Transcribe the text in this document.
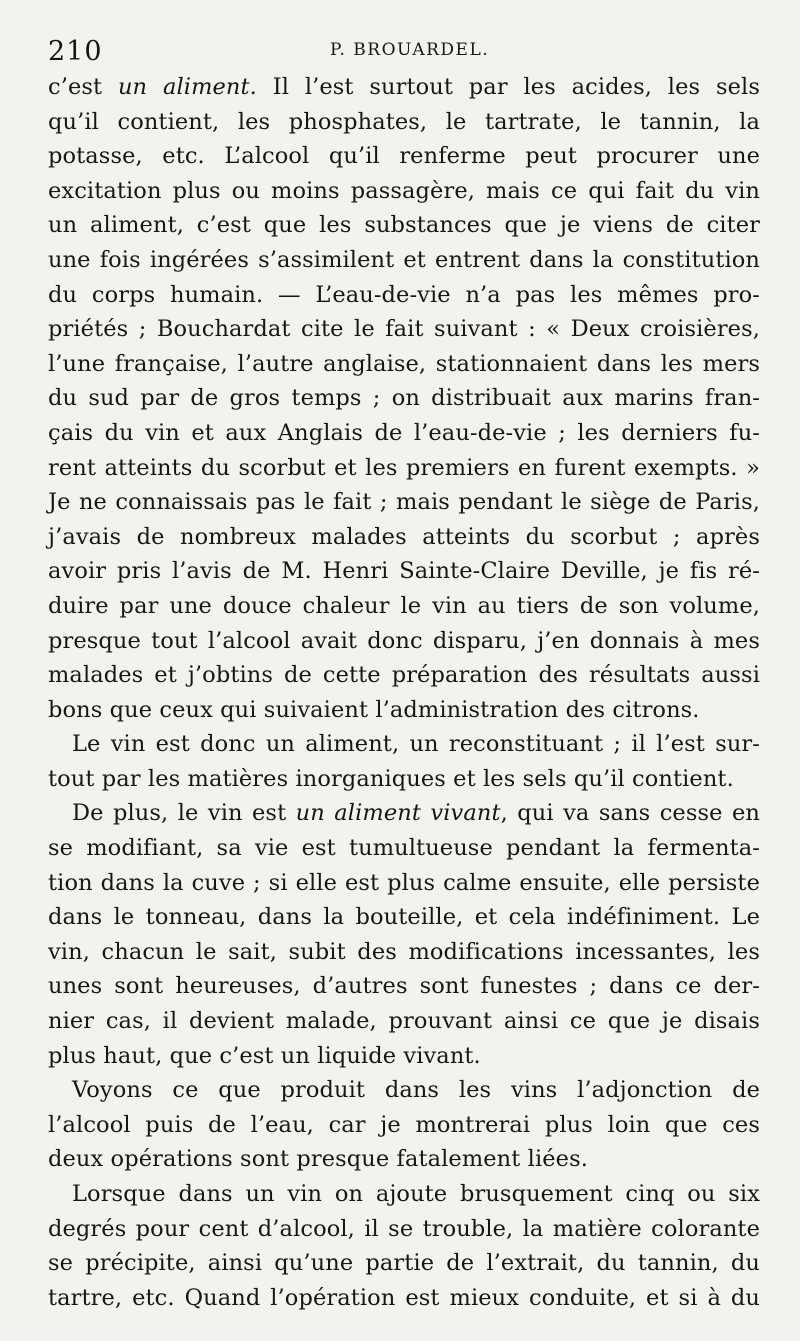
210	P. BROUARDEL.
c’est un aliment. Il l’est surtout par les acides, les sels
qu’il contient, les phosphates, le tartrate, le tannin, la
potasse, etc. L’alcool qu’il renferme peut procurer une
excitation plus ou moins passagère, mais ce qui fait du vin
un aliment, c’est que les substances que je viens de citer
une fois ingérées s’assimilent et entrent dans la constitution
du corps humain. — L’eau-de-vie n’a pas les mêmes pro-
priétés ; Bouchardat cite le fait suivant : « Deux croisières,
l’une française, l’autre anglaise, stationnaient dans les mers
du sud par de gros temps ; on distribuait aux marins fran-
çais du vin et aux Anglais de l’eau-de-vie ; les derniers fu-
rent atteints du scorbut et les premiers en furent exempts. »
Je ne connaissais pas le fait ; mais pendant le siège de Paris,
j’avais de nombreux malades atteints du scorbut ; après
avoir pris l’avis de M. Henri Sainte-Claire Deville, je fis ré-
duire par une douce chaleur le vin au tiers de son volume,
presque tout l’alcool avait donc disparu, j’en donnais à mes
malades et j’obtins de cette préparation des résultats aussi
bons que ceux qui suivaient l’administration des citrons.
Le vin est donc un aliment, un reconstituant ; il l’est sur-
tout par les matières inorganiques et les sels qu’il contient.
De plus, le vin est un aliment vivant, qui va sans cesse en
se modifiant, sa vie est tumultueuse pendant la fermenta-
tion dans la cuve ; si elle est plus calme ensuite, elle persiste
dans le tonneau, dans la bouteille, et cela indéfiniment. Le
vin, chacun le sait, subit des modifications incessantes, les
unes sont heureuses, d’autres sont funestes ; dans ce der-
nier cas, il devient malade, prouvant ainsi ce que je disais
plus haut, que c’est un liquide vivant.
Voyons ce que produit dans les vins l’adjonction de
l’alcool puis de l’eau, car je montrerai plus loin que ces
deux opérations sont presque fatalement liées.
Lorsque dans un vin on ajoute brusquement cinq ou six
degrés pour cent d’alcool, il se trouble, la matière colorante
se précipite, ainsi qu’une partie de l’extrait, du tannin, du
tartre, etc. Quand l’opération est mieux conduite, et si à du
